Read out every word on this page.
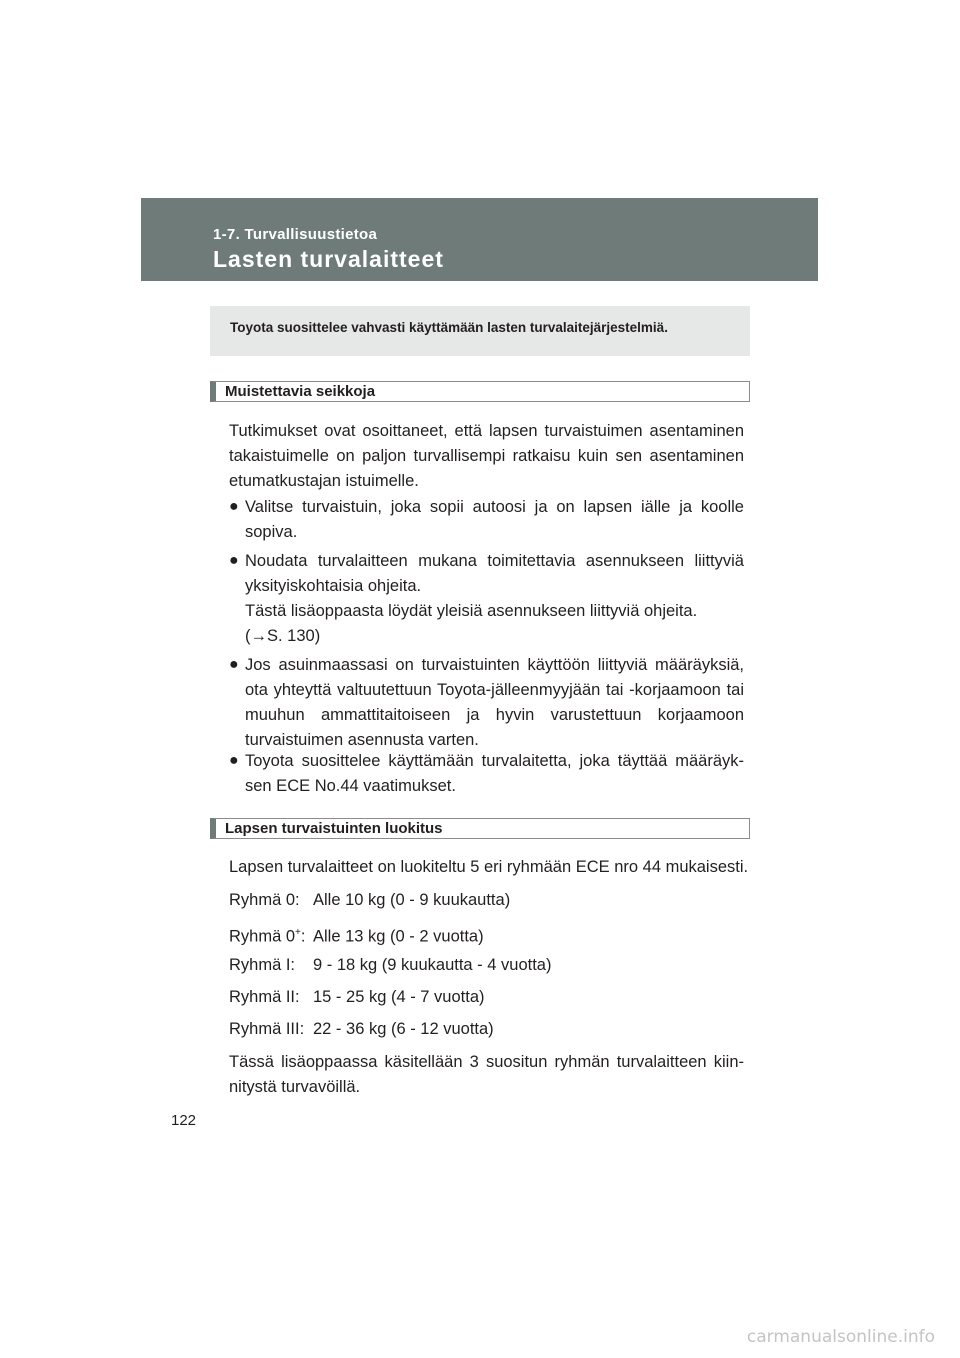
1-7. Turvallisuustietoa
Lasten turvalaitteet
Toyota suosittelee vahvasti käyttämään lasten turvalaitejärjestelmiä.
Muistettavia seikkoja

Tutkimukset ovat osoittaneet, että lapsen turvaistuimen asentaminen takaistuimelle on paljon turvallisempi ratkaisu kuin sen asentaminen etumatkustajan istuimelle.

● Valitse turvaistuin, joka sopii autoosi ja on lapsen iälle ja koolle sopiva.
● Noudata turvalaitteen mukana toimitettavia asennukseen liittyviä yksityiskohtaisia ohjeita.
Tästä lisäoppaasta löydät yleisiä asennukseen liittyviä ohjeita.
(→S. 130)
● Jos asuinmaassasi on turvaistuinten käyttöön liittyviä määräyksiä, ota yhteyttä valtuutettuun Toyota-jälleenmyyjään tai -korjaamoon tai muuhun ammattitaitoiseen ja hyvin varustettuun korjaamoon turvaistuimen asennusta varten.
● Toyota suosittelee käyttämään turvalaitetta, joka täyttää määräyk-sen ECE No.44 vaatimukset.
Lapsen turvaistuinten luokitus
Lapsen turvalaitteet on luokiteltu 5 eri ryhmään ECE nro 44 mukaisesti.
Ryhmä 0: Alle 10 kg (0 - 9 kuukautta)
Ryhmä 0+: Alle 13 kg (0 - 2 vuotta)
Ryhmä I: 9 - 18 kg (9 kuukautta - 4 vuotta)
Ryhmä II: 15 - 25 kg (4 - 7 vuotta)
Ryhmä III: 22 - 36 kg (6 - 12 vuotta)

Tässä lisäoppaassa käsitellään 3 suositun ryhmän turvalaitteen kiin-nitystä turvavöillä.

122
carmanualsonline.info
